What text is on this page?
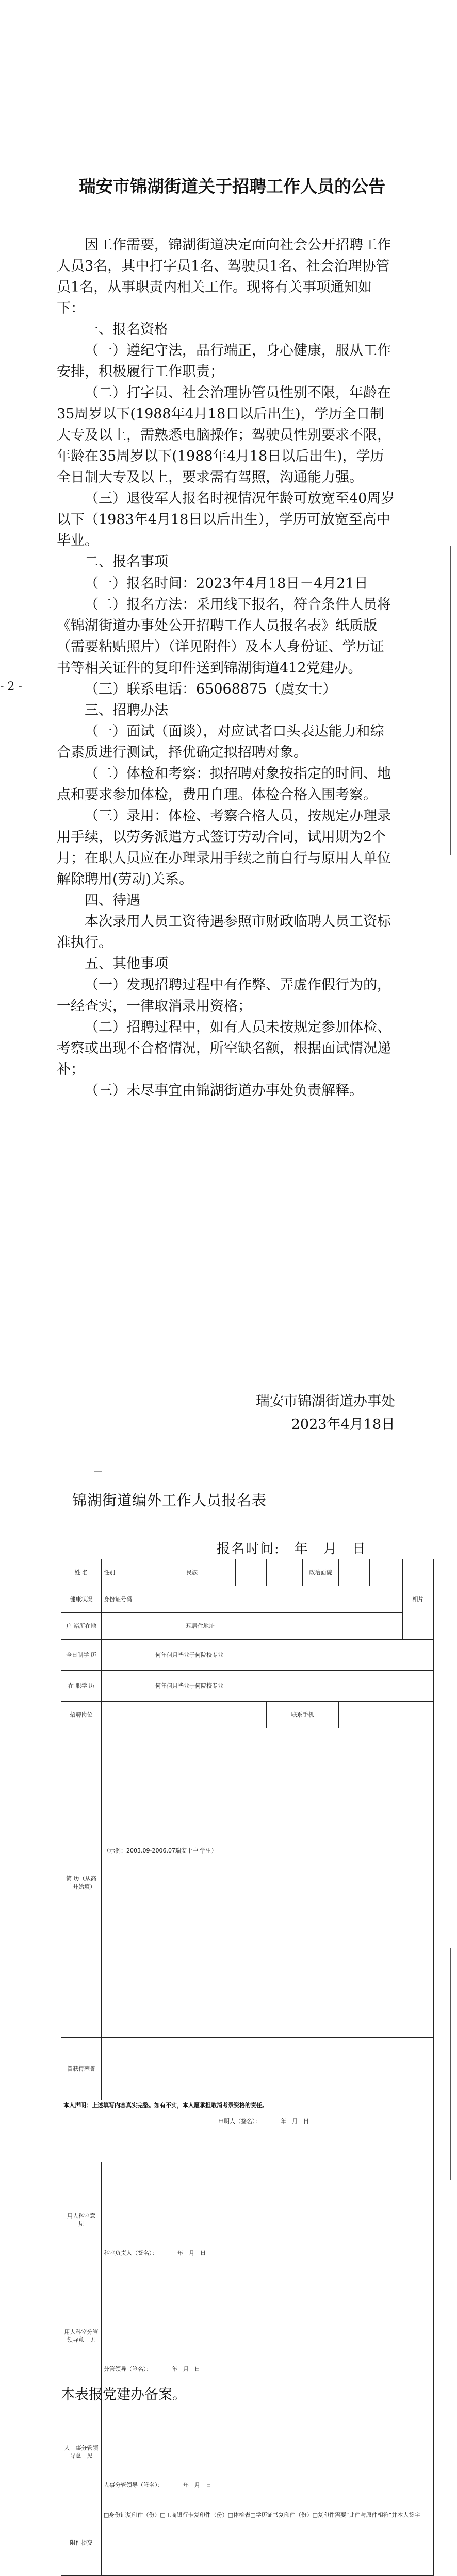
- 2 -
瑞安市锦湖街道关于招聘工作人员的公告

因工作需要，锦湖街道决定面向社会公开招聘工作人员3名，其中打字员1名、驾驶员1名、社会治理协管员1名，从事职责内相关工作。现将有关事项通知如下：

一、报名资格

（一）遵纪守法，品行端正，身心健康，服从工作安排，积极履行工作职责；

（二）打字员、社会治理协管员性别不限，年龄在35周岁以下(1988年4月18日以后出生)，学历全日制大专及以上，需熟悉电脑操作；驾驶员性别要求不限，年龄在35周岁以下(1988年4月18日以后出生)，学历全日制大专及以上，要求需有驾照，沟通能力强。

（三）退役军人报名时视情况年龄可放宽至40周岁以下（1983年4月18日以后出生），学历可放宽至高中毕业。

二、报名事项

（一）报名时间：2023年4月18日－4月21日

（二）报名方法：采用线下报名，符合条件人员将《锦湖街道办事处公开招聘工作人员报名表》纸质版（需要粘贴照片）（详见附件）及本人身份证、学历证书等相关证件的复印件送到锦湖街道412党建办。

（三）联系电话：65068875（虞女士）

三、招聘办法

（一）面试（面谈），对应试者口头表达能力和综合素质进行测试，择优确定拟招聘对象。

（二）体检和考察：拟招聘对象按指定的时间、地点和要求参加体检，费用自理。体检合格入围考察。

（三）录用：体检、考察合格人员，按规定办理录用手续，以劳务派遣方式签订劳动合同，试用期为2个月；在职人员应在办理录用手续之前自行与原用人单位解除聘用(劳动)关系。

四、待遇

本次录用人员工资待遇参照市财政临聘人员工资标准执行。

五、其他事项

（一）发现招聘过程中有作弊、弄虚作假行为的，一经查实，一律取消录用资格；

（二）招聘过程中，如有人员未按规定参加体检、考察或出现不合格情况，所空缺名额，根据面试情况递补；

（三）未尽事宜由锦湖街道办事处负责解释。

瑞安市锦湖街道办事处
2023年4月18日
锦湖街道编外工作人员报名表
报名时间:　年　月　日
姓 名	性别		民族			政治面貌			相片
健康状况	身份证号码								
户 籍所在地			现居住地址						
全日制学 历		何年何月毕业于何院校专业							
在 职学 历		何年何月毕业于何院校专业							
招聘岗位					联系手机				
简 历（从高中开始填）	（示例：2003.09-2006.07瑞安十中 学生）								
曾获得荣誉									

本人声明：上述填写内容真实完整。如有不实，本人愿承担取消考录资格的责任。
申明人（签名）：　　　　年　月　日									

用人科室意　见	科室负责人（签名）：　　　　年　月　日								
用人科室分管领导意　见	分管领导（签名）：　　　　年　月　日								
人　事分管领导意　见	人事分管领导（签名）：　　　　年　月　日								
附件提交	□身份证复印件（份）□工商银行卡复印件（份）□体检表□学历证书复印件（份）□复印件需要“此件与原件相符”并本人签字								
本表报党建办备案。
